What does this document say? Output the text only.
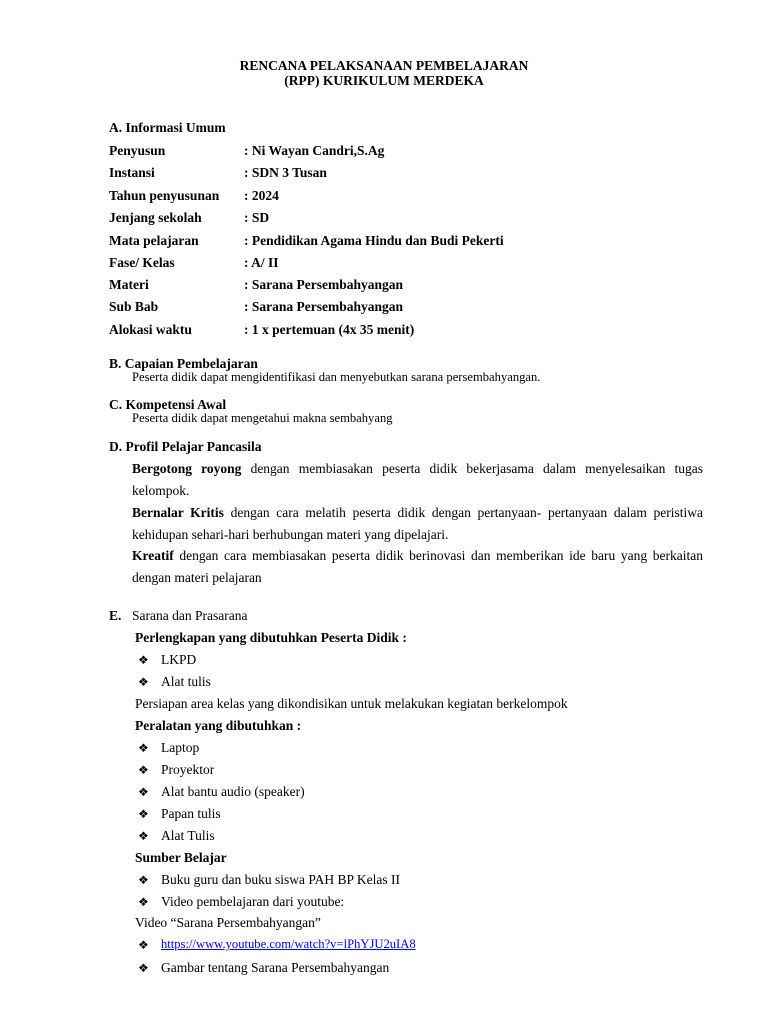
RENCANA PELAKSANAAN PEMBELAJARAN
(RPP) KURIKULUM MERDEKA
A. Informasi Umum
Penyusun	: Ni Wayan Candri,S.Ag
Instansi	: SDN 3 Tusan
Tahun penyusunan : 2024
Jenjang sekolah	: SD
Mata pelajaran	: Pendidikan Agama Hindu dan Budi Pekerti
Fase/ Kelas	: A/ II
Materi	: Sarana Persembahyangan
Sub Bab	: Sarana Persembahyangan
Alokasi waktu	: 1 x pertemuan (4x 35 menit)
B. Capaian Pembelajaran
Peserta didik dapat mengidentifikasi dan menyebutkan sarana persembahyangan.
C. Kompetensi Awal
Peserta didik dapat mengetahui makna sembahyang
D. Profil Pelajar Pancasila
Bergotong royong dengan membiasakan peserta didik bekerjasama dalam menyelesaikan tugas kelompok.
Bernalar Kritis dengan cara melatih peserta didik dengan pertanyaan- pertanyaan dalam peristiwa kehidupan sehari-hari berhubungan materi yang dipelajari.
Kreatif dengan cara membiasakan peserta didik berinovasi dan memberikan ide baru yang berkaitan dengan materi pelajaran
E. Sarana dan Prasarana
Perlengkapan yang dibutuhkan Peserta Didik :
❖ LKPD
❖ Alat tulis
Persiapan area kelas yang dikondisikan untuk melakukan kegiatan berkelompok
Peralatan yang dibutuhkan :
❖ Laptop
❖ Proyektor
❖ Alat bantu audio (speaker)
❖ Papan tulis
❖ Alat Tulis
Sumber Belajar
❖ Buku guru dan buku siswa PAH BP Kelas II
❖ Video pembelajaran dari youtube:
Video “Sarana Persembahyangan”
❖ https://www.youtube.com/watch?v=lPhYJU2uIA8
❖ Gambar tentang Sarana Persembahyangan
